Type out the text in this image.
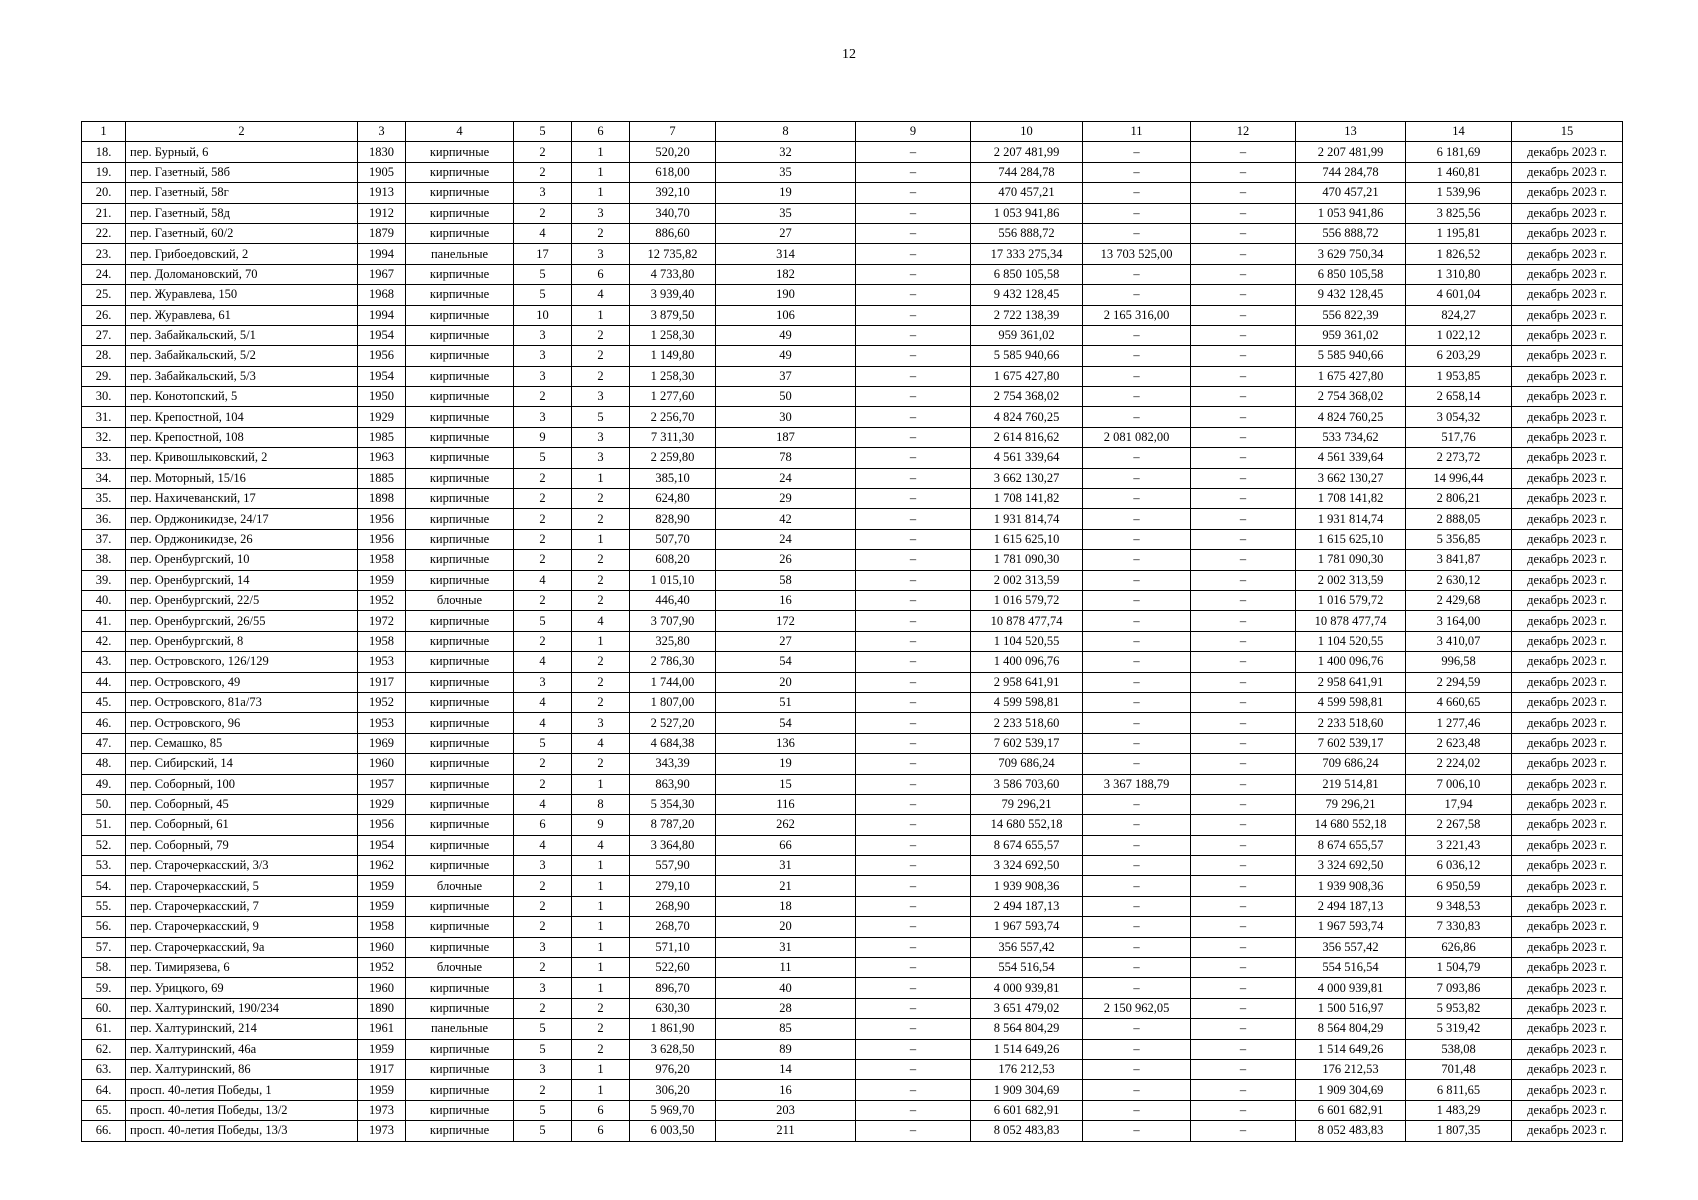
12
1	2	3	4	5	6	7	8	9	10	11	12	13	14	15
18.	пер. Бурный, 6	1830	кирпичные	2	1	520,20	32	–	2 207 481,99	–	–	2 207 481,99	6 181,69	декабрь 2023 г.
19.	пер. Газетный, 58б	1905	кирпичные	2	1	618,00	35	–	744 284,78	–	–	744 284,78	1 460,81	декабрь 2023 г.
20.	пер. Газетный, 58г	1913	кирпичные	3	1	392,10	19	–	470 457,21	–	–	470 457,21	1 539,96	декабрь 2023 г.
21.	пер. Газетный, 58д	1912	кирпичные	2	3	340,70	35	–	1 053 941,86	–	–	1 053 941,86	3 825,56	декабрь 2023 г.
22.	пер. Газетный, 60/2	1879	кирпичные	4	2	886,60	27	–	556 888,72	–	–	556 888,72	1 195,81	декабрь 2023 г.
23.	пер. Грибоедовский, 2	1994	панельные	17	3	12 735,82	314	–	17 333 275,34	13 703 525,00	–	3 629 750,34	1 826,52	декабрь 2023 г.
24.	пер. Доломановский, 70	1967	кирпичные	5	6	4 733,80	182	–	6 850 105,58	–	–	6 850 105,58	1 310,80	декабрь 2023 г.
25.	пер. Журавлева, 150	1968	кирпичные	5	4	3 939,40	190	–	9 432 128,45	–	–	9 432 128,45	4 601,04	декабрь 2023 г.
26.	пер. Журавлева, 61	1994	кирпичные	10	1	3 879,50	106	–	2 722 138,39	2 165 316,00	–	556 822,39	824,27	декабрь 2023 г.
27.	пер. Забайкальский, 5/1	1954	кирпичные	3	2	1 258,30	49	–	959 361,02	–	–	959 361,02	1 022,12	декабрь 2023 г.
28.	пер. Забайкальский, 5/2	1956	кирпичные	3	2	1 149,80	49	–	5 585 940,66	–	–	5 585 940,66	6 203,29	декабрь 2023 г.
29.	пер. Забайкальский, 5/3	1954	кирпичные	3	2	1 258,30	37	–	1 675 427,80	–	–	1 675 427,80	1 953,85	декабрь 2023 г.
30.	пер. Конотопский, 5	1950	кирпичные	2	3	1 277,60	50	–	2 754 368,02	–	–	2 754 368,02	2 658,14	декабрь 2023 г.
31.	пер. Крепостной, 104	1929	кирпичные	3	5	2 256,70	30	–	4 824 760,25	–	–	4 824 760,25	3 054,32	декабрь 2023 г.
32.	пер. Крепостной, 108	1985	кирпичные	9	3	7 311,30	187	–	2 614 816,62	2 081 082,00	–	533 734,62	517,76	декабрь 2023 г.
33.	пер. Кривошлыковский, 2	1963	кирпичные	5	3	2 259,80	78	–	4 561 339,64	–	–	4 561 339,64	2 273,72	декабрь 2023 г.
34.	пер. Моторный, 15/16	1885	кирпичные	2	1	385,10	24	–	3 662 130,27	–	–	3 662 130,27	14 996,44	декабрь 2023 г.
35.	пер. Нахичеванский, 17	1898	кирпичные	2	2	624,80	29	–	1 708 141,82	–	–	1 708 141,82	2 806,21	декабрь 2023 г.
36.	пер. Орджоникидзе, 24/17	1956	кирпичные	2	2	828,90	42	–	1 931 814,74	–	–	1 931 814,74	2 888,05	декабрь 2023 г.
37.	пер. Орджоникидзе, 26	1956	кирпичные	2	1	507,70	24	–	1 615 625,10	–	–	1 615 625,10	5 356,85	декабрь 2023 г.
38.	пер. Оренбургский, 10	1958	кирпичные	2	2	608,20	26	–	1 781 090,30	–	–	1 781 090,30	3 841,87	декабрь 2023 г.
39.	пер. Оренбургский, 14	1959	кирпичные	4	2	1 015,10	58	–	2 002 313,59	–	–	2 002 313,59	2 630,12	декабрь 2023 г.
40.	пер. Оренбургский, 22/5	1952	блочные	2	2	446,40	16	–	1 016 579,72	–	–	1 016 579,72	2 429,68	декабрь 2023 г.
41.	пер. Оренбургский, 26/55	1972	кирпичные	5	4	3 707,90	172	–	10 878 477,74	–	–	10 878 477,74	3 164,00	декабрь 2023 г.
42.	пер. Оренбургский, 8	1958	кирпичные	2	1	325,80	27	–	1 104 520,55	–	–	1 104 520,55	3 410,07	декабрь 2023 г.
43.	пер. Островского, 126/129	1953	кирпичные	4	2	2 786,30	54	–	1 400 096,76	–	–	1 400 096,76	996,58	декабрь 2023 г.
44.	пер. Островского, 49	1917	кирпичные	3	2	1 744,00	20	–	2 958 641,91	–	–	2 958 641,91	2 294,59	декабрь 2023 г.
45.	пер. Островского, 81а/73	1952	кирпичные	4	2	1 807,00	51	–	4 599 598,81	–	–	4 599 598,81	4 660,65	декабрь 2023 г.
46.	пер. Островского, 96	1953	кирпичные	4	3	2 527,20	54	–	2 233 518,60	–	–	2 233 518,60	1 277,46	декабрь 2023 г.
47.	пер. Семашко, 85	1969	кирпичные	5	4	4 684,38	136	–	7 602 539,17	–	–	7 602 539,17	2 623,48	декабрь 2023 г.
48.	пер. Сибирский, 14	1960	кирпичные	2	2	343,39	19	–	709 686,24	–	–	709 686,24	2 224,02	декабрь 2023 г.
49.	пер. Соборный, 100	1957	кирпичные	2	1	863,90	15	–	3 586 703,60	3 367 188,79	–	219 514,81	7 006,10	декабрь 2023 г.
50.	пер. Соборный, 45	1929	кирпичные	4	8	5 354,30	116	–	79 296,21	–	–	79 296,21	17,94	декабрь 2023 г.
51.	пер. Соборный, 61	1956	кирпичные	6	9	8 787,20	262	–	14 680 552,18	–	–	14 680 552,18	2 267,58	декабрь 2023 г.
52.	пер. Соборный, 79	1954	кирпичные	4	4	3 364,80	66	–	8 674 655,57	–	–	8 674 655,57	3 221,43	декабрь 2023 г.
53.	пер. Старочеркасский, 3/3	1962	кирпичные	3	1	557,90	31	–	3 324 692,50	–	–	3 324 692,50	6 036,12	декабрь 2023 г.
54.	пер. Старочеркасский, 5	1959	блочные	2	1	279,10	21	–	1 939 908,36	–	–	1 939 908,36	6 950,59	декабрь 2023 г.
55.	пер. Старочеркасский, 7	1959	кирпичные	2	1	268,90	18	–	2 494 187,13	–	–	2 494 187,13	9 348,53	декабрь 2023 г.
56.	пер. Старочеркасский, 9	1958	кирпичные	2	1	268,70	20	–	1 967 593,74	–	–	1 967 593,74	7 330,83	декабрь 2023 г.
57.	пер. Старочеркасский, 9а	1960	кирпичные	3	1	571,10	31	–	356 557,42	–	–	356 557,42	626,86	декабрь 2023 г.
58.	пер. Тимирязева, 6	1952	блочные	2	1	522,60	11	–	554 516,54	–	–	554 516,54	1 504,79	декабрь 2023 г.
59.	пер. Урицкого, 69	1960	кирпичные	3	1	896,70	40	–	4 000 939,81	–	–	4 000 939,81	7 093,86	декабрь 2023 г.
60.	пер. Халтуринский, 190/234	1890	кирпичные	2	2	630,30	28	–	3 651 479,02	2 150 962,05	–	1 500 516,97	5 953,82	декабрь 2023 г.
61.	пер. Халтуринский, 214	1961	панельные	5	2	1 861,90	85	–	8 564 804,29	–	–	8 564 804,29	5 319,42	декабрь 2023 г.
62.	пер. Халтуринский, 46а	1959	кирпичные	5	2	3 628,50	89	–	1 514 649,26	–	–	1 514 649,26	538,08	декабрь 2023 г.
63.	пер. Халтуринский, 86	1917	кирпичные	3	1	976,20	14	–	176 212,53	–	–	176 212,53	701,48	декабрь 2023 г.
64.	просп. 40-летия Победы, 1	1959	кирпичные	2	1	306,20	16	–	1 909 304,69	–	–	1 909 304,69	6 811,65	декабрь 2023 г.
65.	просп. 40-летия Победы, 13/2	1973	кирпичные	5	6	5 969,70	203	–	6 601 682,91	–	–	6 601 682,91	1 483,29	декабрь 2023 г.
66.	просп. 40-летия Победы, 13/3	1973	кирпичные	5	6	6 003,50	211	–	8 052 483,83	–	–	8 052 483,83	1 807,35	декабрь 2023 г.
